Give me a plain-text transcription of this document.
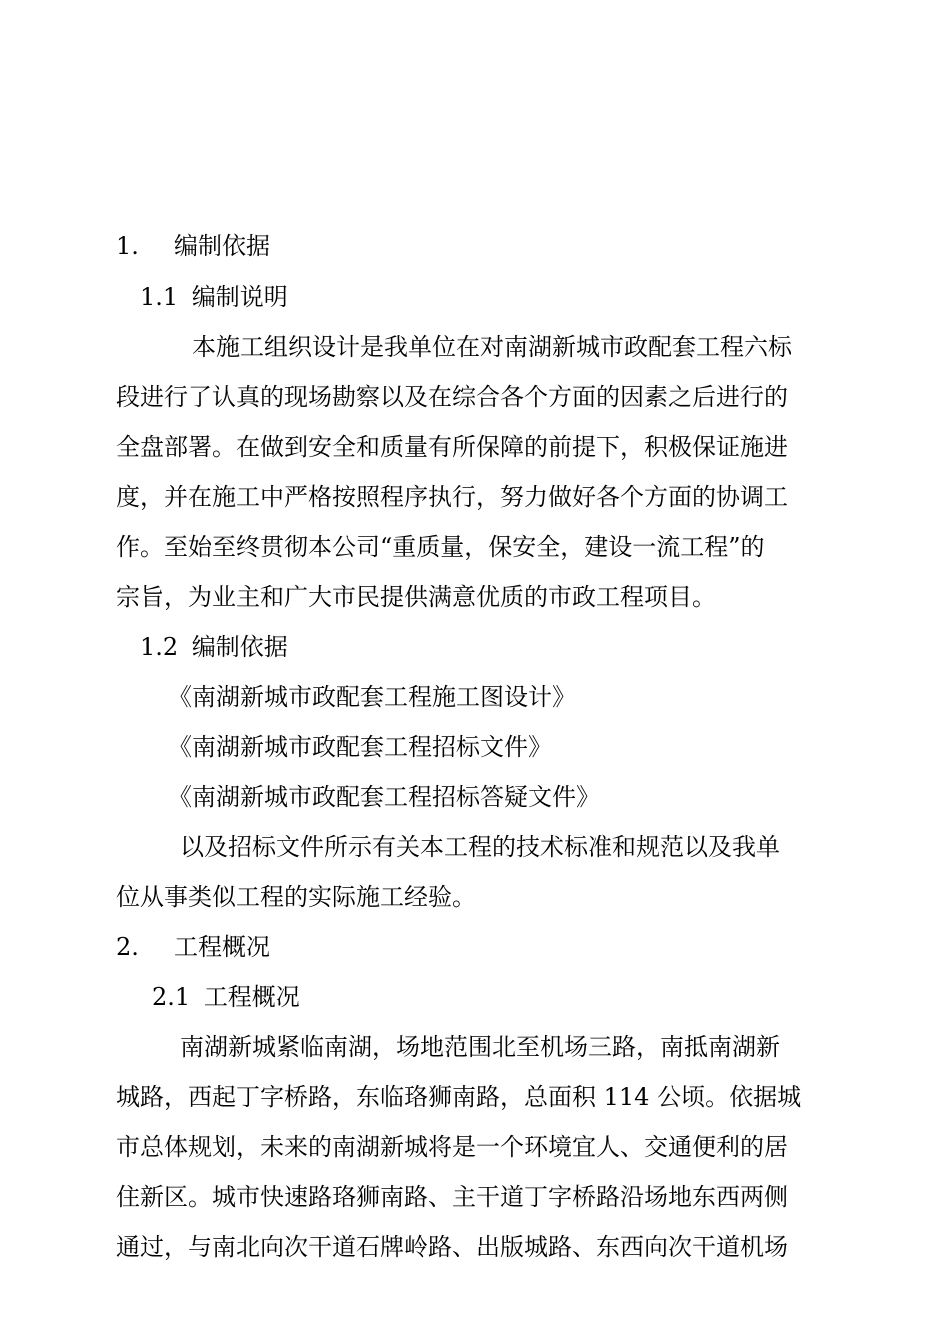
1. 编制依据
1.1 编制说明
本施工组织设计是我单位在对南湖新城市政配套工程六标
段进行了认真的现场勘察以及在综合各个方面的因素之后进行的
全盘部署。在做到安全和质量有所保障的前提下，积极保证施进
度，并在施工中严格按照程序执行，努力做好各个方面的协调工
作。至始至终贯彻本公司“重质量，保安全，建设一流工程”的
宗旨，为业主和广大市民提供满意优质的市政工程项目。
1.2 编制依据
《南湖新城市政配套工程施工图设计》
《南湖新城市政配套工程招标文件》
《南湖新城市政配套工程招标答疑文件》
以及招标文件所示有关本工程的技术标准和规范以及我单
位从事类似工程的实际施工经验。
2. 工程概况
2.1 工程概况
南湖新城紧临南湖，场地范围北至机场三路，南抵南湖新
城路，西起丁字桥路，东临珞狮南路，总面积 114 公顷。依据城
市总体规划，未来的南湖新城将是一个环境宜人、交通便利的居
住新区。城市快速路珞狮南路、主干道丁字桥路沿场地东西两侧
通过，与南北向次干道石牌岭路、出版城路、东西向次干道机场
